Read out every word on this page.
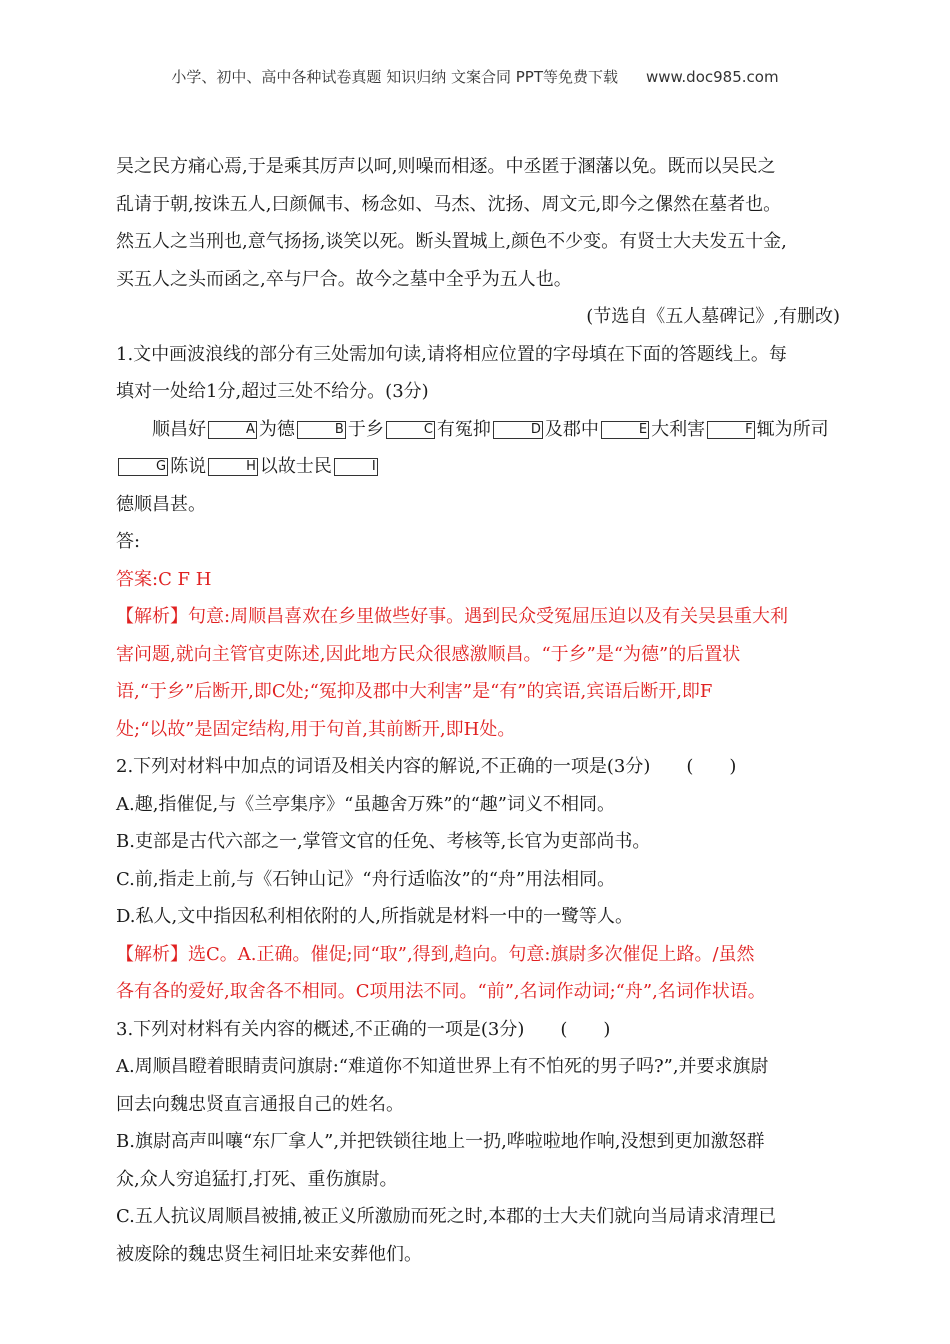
小学、初中、高中各种试卷真题 知识归纳 文案合同 PPT等免费下载 www.doc985.com

吴之民方痛心焉,于是乘其厉声以呵,则噪而相逐。中丞匿于溷藩以免。既而以吴民之

乱请于朝,按诛五人,曰颜佩韦、杨念如、马杰、沈扬、周文元,即今之傫然在墓者也。

然五人之当刑也,意气扬扬,谈笑以死。断头置城上,颜色不少变。有贤士大夫发五十金,

买五人之头而函之,卒与尸合。故今之墓中全乎为五人也。

(节选自《五人墓碑记》,有删改)

1.文中画波浪线的部分有三处需加句读,请将相应位置的字母填在下面的答题线上。每

填对一处给1分,超过三处不给分。(3分)

顺昌好	A 为德	B 于乡	C 有冤抑	D 及郡中	E 大利害	F 辄为所司G 陈说	H 以故士民	I

德顺昌甚。

答:

答案:C F H

【解析】句意:周顺昌喜欢在乡里做些好事。遇到民众受冤屈压迫以及有关吴县重大利

害问题,就向主管官吏陈述,因此地方民众很感激顺昌。“于乡”是“为德”的后置状

语,“于乡”后断开,即C处;“冤抑及郡中大利害”是“有”的宾语,宾语后断开,即F

处;“以故”是固定结构,用于句首,其前断开,即H处。

2.下列对材料中加点的词语及相关内容的解说,不正确的一项是(3分)　　(　　)

A.趣,指催促,与《兰亭集序》“虽趣舍万殊”的“趣”词义不相同。

B.吏部是古代六部之一,掌管文官的任免、考核等,长官为吏部尚书。

C.前,指走上前,与《石钟山记》“舟行适临汝”的“舟”用法相同。

D.私人,文中指因私利相依附的人,所指就是材料一中的一鹭等人。

【解析】选C。A.正确。催促;同“取”,得到,趋向。句意:旗尉多次催促上路。/虽然

各有各的爱好,取舍各不相同。C项用法不同。“前”,名词作动词;“舟”,名词作状语。

3.下列对材料有关内容的概述,不正确的一项是(3分)　　(　　)

A.周顺昌瞪着眼睛责问旗尉:“难道你不知道世界上有不怕死的男子吗?”,并要求旗尉

回去向魏忠贤直言通报自己的姓名。

B.旗尉高声叫嚷“东厂拿人”,并把铁锁往地上一扔,哗啦啦地作响,没想到更加激怒群

众,众人穷追猛打,打死、重伤旗尉。

C.五人抗议周顺昌被捕,被正义所激励而死之时,本郡的士大夫们就向当局请求清理已

被废除的魏忠贤生祠旧址来安葬他们。
